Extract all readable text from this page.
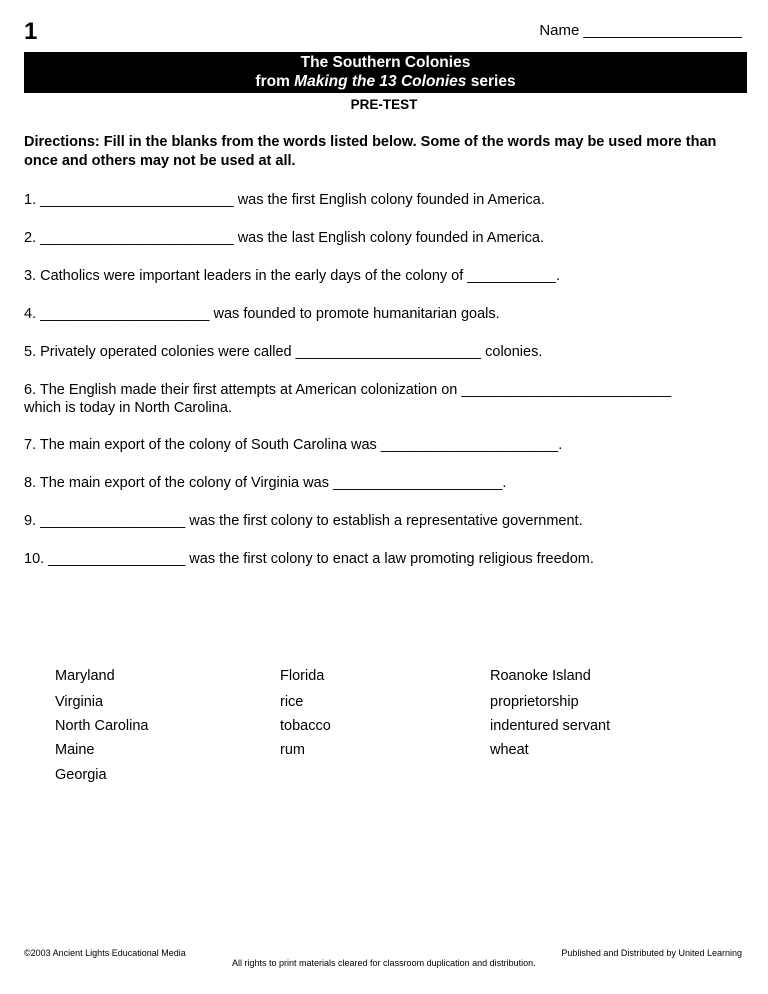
1	Name ___________________
The Southern Colonies
from Making the 13 Colonies series
PRE-TEST
Directions: Fill in the blanks from the words listed below. Some of the words may be used more than once and others may not be used at all.
1. ________________________ was the first English colony founded in America.
2. ________________________ was the last English colony founded in America.
3. Catholics were important leaders in the early days of the colony of ___________.
4. _____________________ was founded to promote humanitarian goals.
5. Privately operated colonies were called _______________________ colonies.
6. The English made their first attempts at American colonization on __________________________
which is today in North Carolina.
7. The main export of the colony of South Carolina was ______________________.
8. The main export of the colony of Virginia was _____________________.
9. __________________ was the first colony to establish a representative government.
10. _________________ was the first colony to enact a law promoting religious freedom.
Maryland
Virginia
North Carolina
Maine
Georgia
Florida
rice
tobacco
rum
Roanoke Island
proprietorship
indentured servant
wheat
©2003 Ancient Lights Educational Media
All rights to print materials cleared for classroom duplication and distribution.
Published and Distributed by United Learning
